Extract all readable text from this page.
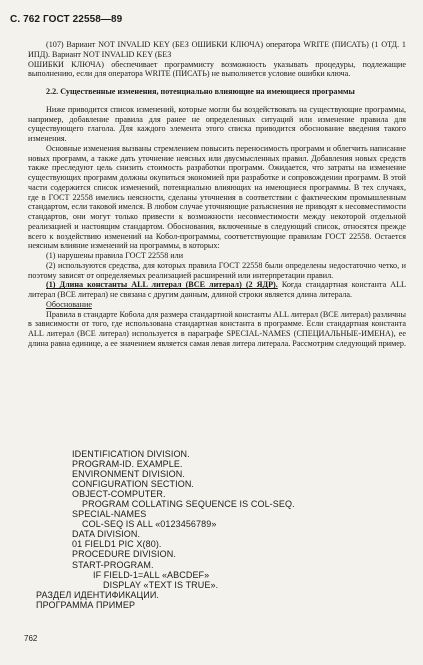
С. 762 ГОСТ 22558—89

(107) Вариант NOT INVALID KEY (БЕЗ ОШИБКИ КЛЮЧА) оператора WRITE (ПИСАТЬ) (1 ОТД. 1 ИПД). Вариант NOT INVALID KEY (БЕЗ

ОШИБКИ КЛЮЧА) обеспечивает программисту возможность указывать процедуры, подлежащие выполнению, если для оператора WRITE (ПИСАТЬ) не выполняется условие ошибки ключа.

2.2. Существенные изменения, потенциально влияющие на имеющиеся программы

Ниже приводится список изменений, которые могли бы воздействовать на существующие программы, например, добавление правила для ранее не определенных ситуаций или изменение правила для существующего глагола. Для каждого элемента этого списка приводится обоснование введения такого изменения.

Основные изменения вызваны стремлением повысить переносимость программ и облегчить написание новых программ, а также дать уточнение неясных или двусмысленных правил. Добавления новых средств также преследуют цель снизить стоимость разработки программ. Ожидается, что затраты на изменение существующих программ должны окупиться экономией при разработке и сопровождении программ. В этой части содержится список изменений, потенциально влияющих на имеющиеся программы. В тех случаях, где в ГОСТ 22558 имелись неясности, сделаны уточнения в соответствии с фактическим промышленным стандартом, если таковой имелся. В любом случае уточняющие разъяснения не приводят к несовместимости стандартов, они могут только привести к возможности несовместимости между некоторой отдельной реализацией и настоящим стандартом. Обоснования, включенные в следующий список, относятся прежде всего к воздействию изменений на Кобол-программы, соответствующие правилам ГОСТ 22558. Остается неясным влияние изменений на программы, в которых:

(1) нарушены правила ГОСТ 22558 или

(2) используются средства, для которых правила ГОСТ 22558 были определены недостаточно четко, и поэтому зависят от определяемых реализацией расширений или интерпретации правил.

(1) Длина константы ALL литерал (ВСЕ литерал) (2 ЯДР). Когда стандартная константа ALL литерал (ВСЕ литерал) не связана с другим данным, длиной строки является длина литерала.

Обоснование

Правила в стандарте Кобола для размера стандартной константы ALL литерал (ВСЕ литерал) различны в зависимости от того, где использована стандартная константа в программе. Если стандартная константа ALL литерал (ВСЕ литерал) используется в параграфе SPECIAL-NAMES (СПЕЦИАЛЬНЫЕ-ИМЕНА), ее длина равна единице, а ее значением является самая левая литера литерала. Рассмотрим следующий пример.

IDENTIFICATION DIVISION.
PROGRAM-ID. EXAMPLE.
ENVIRONMENT DIVISION.
CONFIGURATION SECTION.
OBJECT-COMPUTER.
PROGRAM COLLATING SEQUENCE IS COL-SEQ.
SPECIAL-NAMES
COL-SEQ IS ALL «0123456789»
DATA DIVISION.
01 FIELD1 PIC X(80).
PROCEDURE DIVISION.
START-PROGRAM.
IF FIELD-1=ALL «ABCDEF»
DISPLAY «TEXT IS TRUE».
РАЗДЕЛ ИДЕНТИФИКАЦИИ.
ПРОГРАММА ПРИМЕР
762
